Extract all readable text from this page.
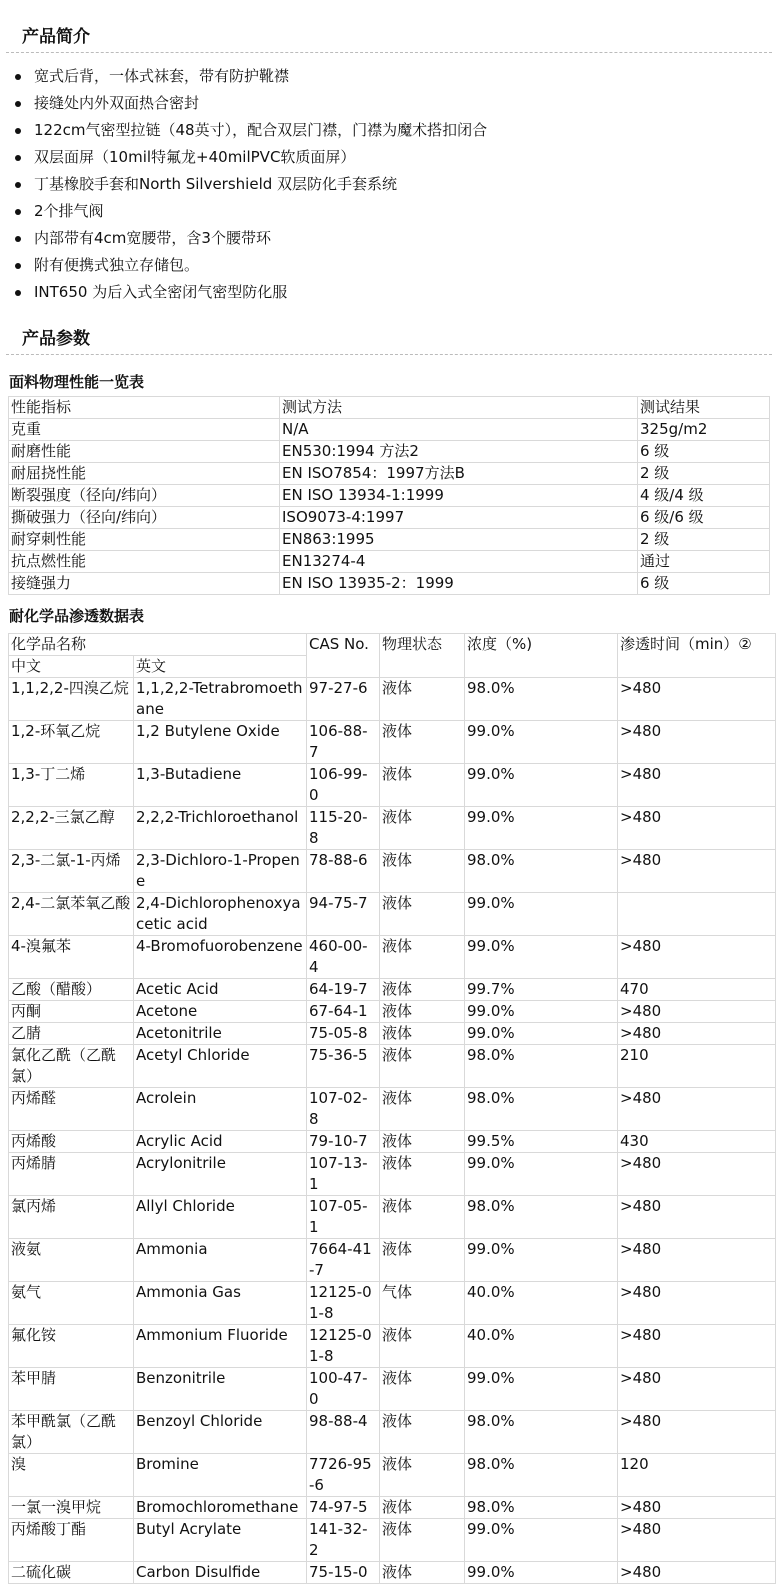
产品简介
宽式后背，一体式袜套，带有防护靴襟
接缝处内外双面热合密封
122cm气密型拉链（48英寸），配合双层门襟，门襟为魔术搭扣闭合
双层面屏（10mil特氟龙+40milPVC软质面屏）
丁基橡胶手套和North Silvershield 双层防化手套系统
2个排气阀
内部带有4cm宽腰带，含3个腰带环
附有便携式独立存储包。
INT650 为后入式全密闭气密型防化服
产品参数
面料物理性能一览表
性能指标	测试方法	测试结果
克重	N/A	325g/m2
耐磨性能	EN530:1994 方法2	6 级
耐屈挠性能	EN ISO7854：1997方法B	2 级
断裂强度（径向/纬向）	EN ISO 13934-1:1999	4 级/4 级
撕破强力（径向/纬向）	ISO9073-4:1997	6 级/6 级
耐穿刺性能	EN863:1995	2 级
抗点燃性能	EN13274-4	通过
接缝强力	EN ISO 13935-2：1999	6 级
耐化学品渗透数据表
化学品名称		CAS No.	物理状态	浓度（%)	渗透时间（min）②
中文	英文				
1,1,2,2-四溴乙烷	1,1,2,2-Tetrabromoethane	97-27-6	液体	98.0%	>480
1,2-环氧乙烷	1,2 Butylene Oxide	106-88-7	液体	99.0%	>480
1,3-丁二烯	1,3-Butadiene	106-99-0	液体	99.0%	>480
2,2,2-三氯乙醇	2,2,2-Trichloroethanol	115-20-8	液体	99.0%	>480
2,3-二氯-1-丙烯	2,3-Dichloro-1-Propene	78-88-6	液体	98.0%	>480
2,4-二氯苯氧乙酸	2,4-Dichlorophenoxyacetic acid	94-75-7	液体	99.0%	
4-溴氟苯	4-Bromofuorobenzene	460-00-4	液体	99.0%	>480
乙酸（醋酸）	Acetic Acid	64-19-7	液体	99.7%	470
丙酮	Acetone	67-64-1	液体	99.0%	>480
乙腈	Acetonitrile	75-05-8	液体	99.0%	>480
氯化乙酰（乙酰氯）	Acetyl Chloride	75-36-5	液体	98.0%	210
丙烯醛	Acrolein	107-02-8	液体	98.0%	>480
丙烯酸	Acrylic Acid	79-10-7	液体	99.5%	430
丙烯腈	Acrylonitrile	107-13-1	液体	99.0%	>480
氯丙烯	Allyl Chloride	107-05-1	液体	98.0%	>480
液氨	Ammonia	7664-41-7	液体	99.0%	>480
氨气	Ammonia Gas	12125-01-8	气体	40.0%	>480
氟化铵	Ammonium Fluoride	12125-01-8	液体	40.0%	>480
苯甲腈	Benzonitrile	100-47-0	液体	99.0%	>480
苯甲酰氯（乙酰氯）	Benzoyl Chloride	98-88-4	液体	98.0%	>480
溴	Bromine	7726-95-6	液体	98.0%	120
一氯一溴甲烷	Bromochloromethane	74-97-5	液体	98.0%	>480
丙烯酸丁酯	Butyl Acrylate	141-32-2	液体	99.0%	>480
二硫化碳	Carbon Disulfide	75-15-0	液体	99.0%	>480
